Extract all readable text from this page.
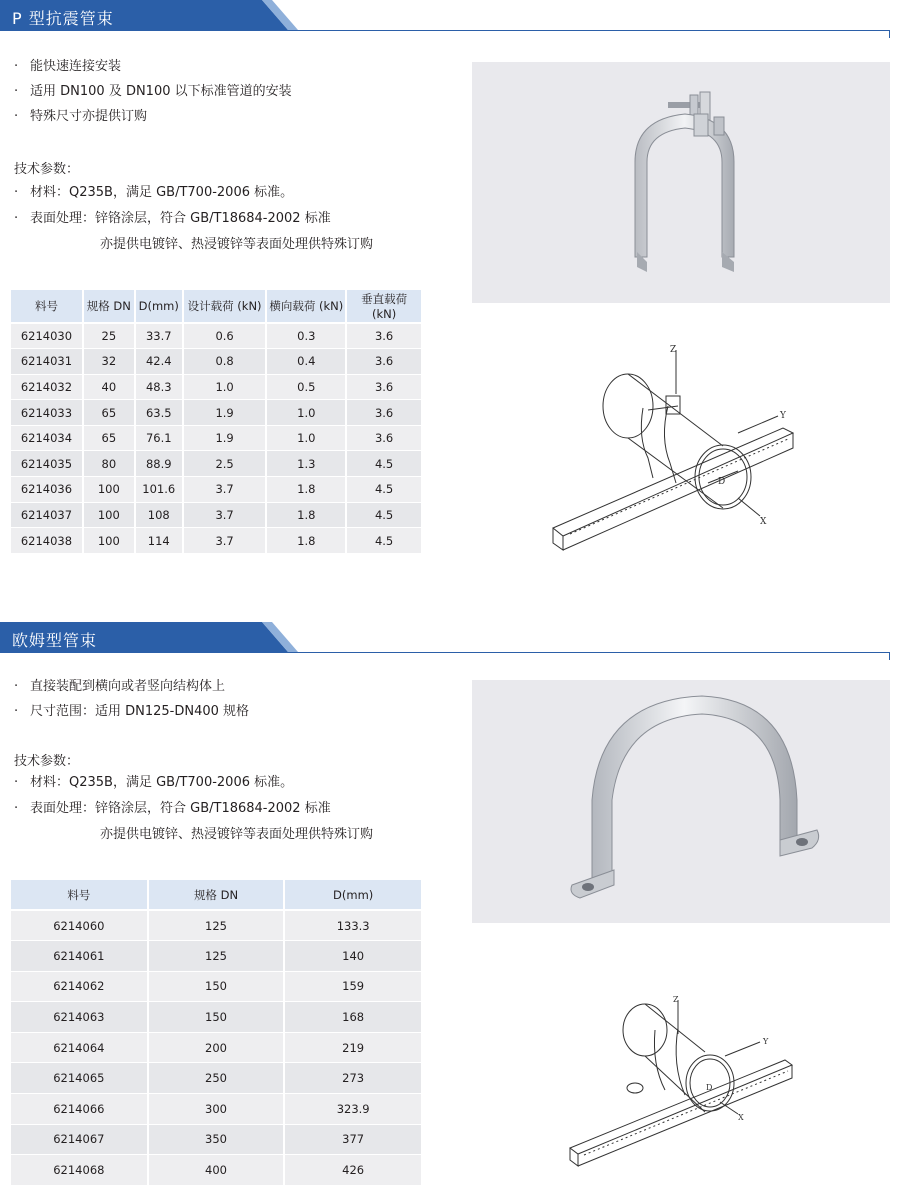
P 型抗震管束
· 能快速连接安装
· 适用 DN100 及 DN100 以下标准管道的安装
· 特殊尺寸亦提供订购
技术参数：
· 材料：Q235B，满足 GB/T700-2006 标准。
· 表面处理：锌铬涂层，符合 GB/T18684-2002 标准
亦提供电镀锌、热浸镀锌等表面处理供特殊订购
料号	规格 DN	D(mm)	设计载荷 (kN)	横向载荷 (kN)	垂直载荷 (kN)
6214030	25	33.7	0.6	0.3	3.6
6214031	32	42.4	0.8	0.4	3.6
6214032	40	48.3	1.0	0.5	3.6
6214033	65	63.5	1.9	1.0	3.6
6214034	65	76.1	1.9	1.0	3.6
6214035	80	88.9	2.5	1.3	4.5
6214036	100	101.6	3.7	1.8	4.5
6214037	100	108	3.7	1.8	4.5
6214038	100	114	3.7	1.8	4.5
Z
Y
X
D
欧姆型管束
· 直接装配到横向或者竖向结构体上
· 尺寸范围：适用 DN125-DN400 规格
技术参数：
· 材料：Q235B，满足 GB/T700-2006 标准。
· 表面处理：锌铬涂层，符合 GB/T18684-2002 标准
亦提供电镀锌、热浸镀锌等表面处理供特殊订购
料号	规格 DN	D(mm)
6214060	125	133.3
6214061	125	140
6214062	150	159
6214063	150	168
6214064	200	219
6214065	250	273
6214066	300	323.9
6214067	350	377
6214068	400	426
Z
Y
X
D
